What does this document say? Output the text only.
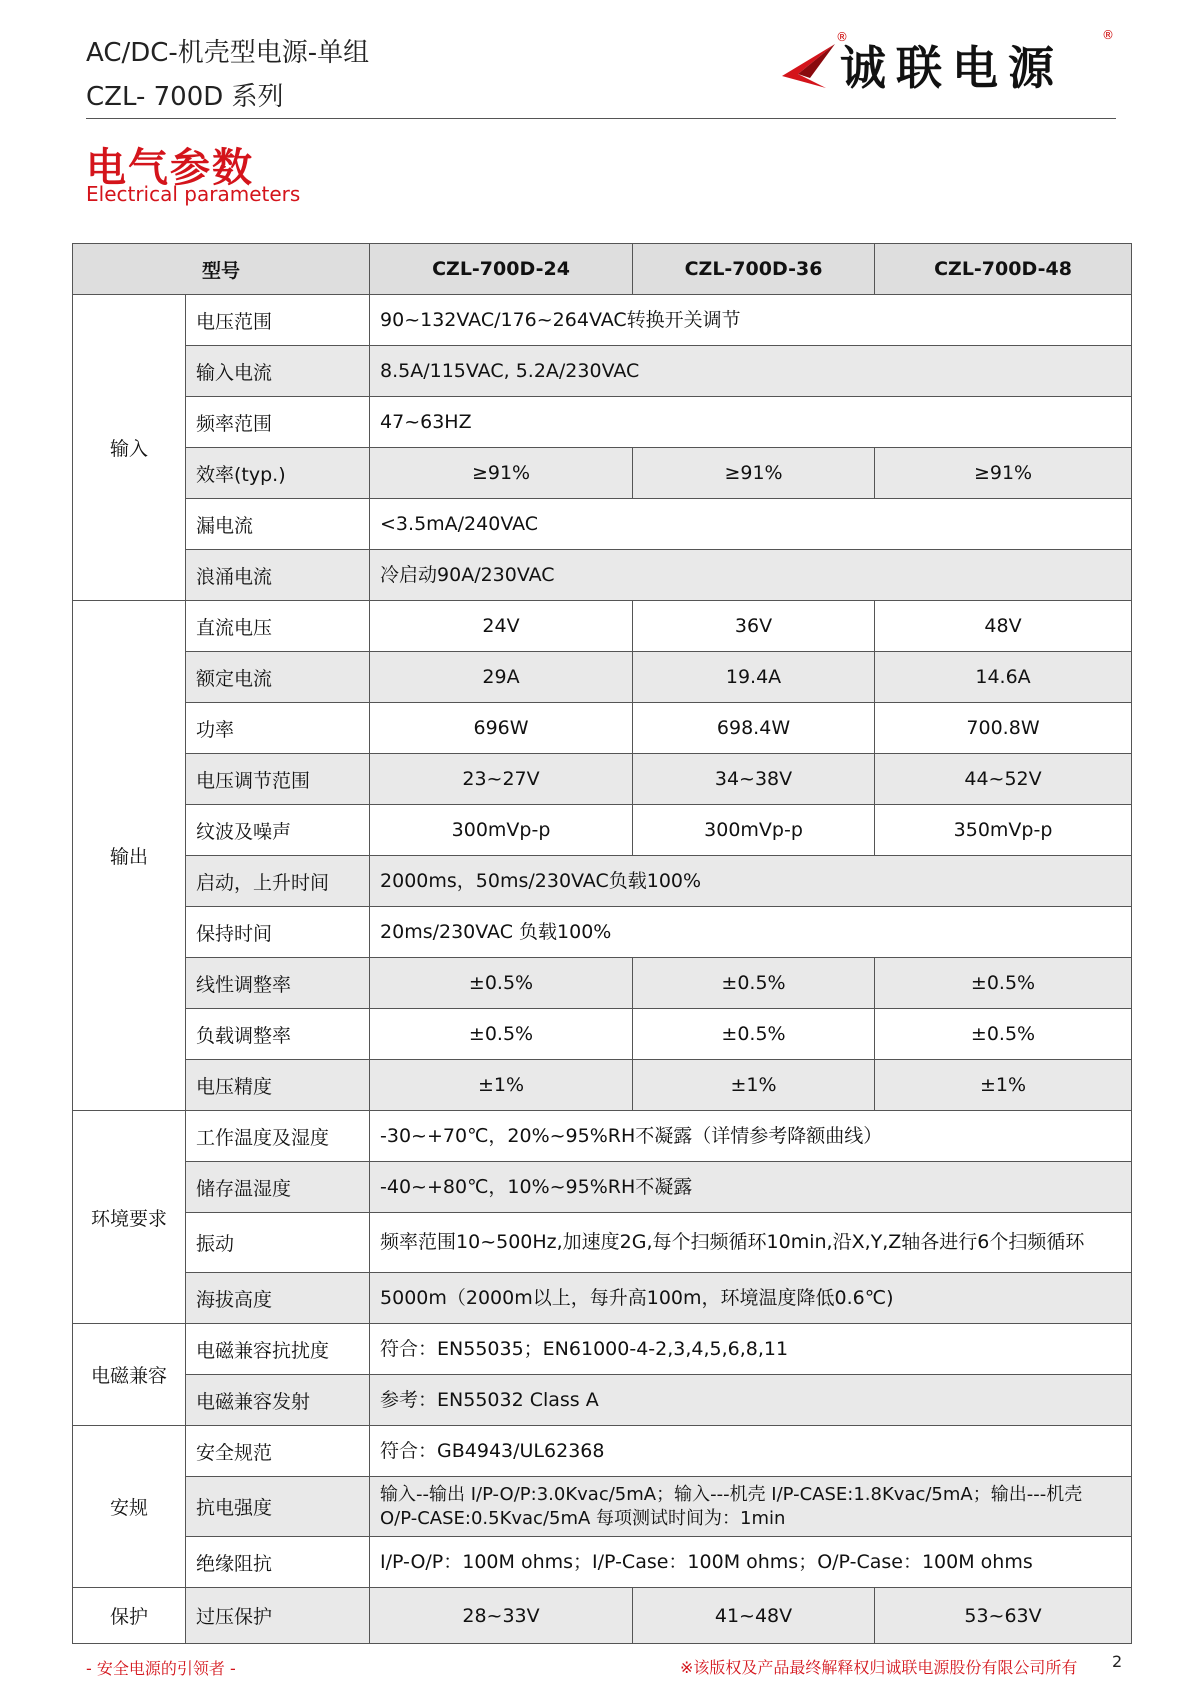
AC/DC-机壳型电源-单组
CZL- 700D 系列
®
诚联电源
®
电气参数
Electrical parameters
型号		CZL-700D-24	CZL-700D-36	CZL-700D-48
输入	电压范围	90~132VAC/176~264VAC转换开关调节		
	输入电流	8.5A/115VAC, 5.2A/230VAC		
	频率范围	47~63HZ		
	效率(typ.)	≥91%	≥91%	≥91%
	漏电流	<3.5mA/240VAC		
	浪涌电流	冷启动90A/230VAC		
输出	直流电压	24V	36V	48V
	额定电流	29A	19.4A	14.6A
	功率	696W	698.4W	700.8W
	电压调节范围	23~27V	34~38V	44~52V
	纹波及噪声	300mVp-p	300mVp-p	350mVp-p
	启动，上升时间	2000ms，50ms/230VAC负载100%		
	保持时间	20ms/230VAC 负载100%		
	线性调整率	±0.5%	±0.5%	±0.5%
	负载调整率	±0.5%	±0.5%	±0.5%
	电压精度	±1%	±1%	±1%
环境要求	工作温度及湿度	-30~+70℃，20%~95%RH不凝露（详情参考降额曲线）		
	储存温湿度	-40~+80℃，10%~95%RH不凝露		
	振动	频率范围10~500Hz,加速度2G,每个扫频循环10min,沿X,Y,Z轴各进行6个扫频循环		
	海拔高度	5000m（2000m以上，每升高100m，环境温度降低0.6℃)		
电磁兼容	电磁兼容抗扰度	符合：EN55035；EN61000-4-2,3,4,5,6,8,11		
	电磁兼容发射	参考：EN55032 Class A		
安规	安全规范	符合：GB4943/UL62368		
	抗电强度	输入--输出 I/P-O/P:3.0Kvac/5mA；输入---机壳 I/P-CASE:1.8Kvac/5mA；输出---机壳 O/P-CASE:0.5Kvac/5mA 每项测试时间为：1min		
	绝缘阻抗	I/P-O/P：100M ohms；I/P-Case：100M ohms；O/P-Case：100M ohms		
保护	过压保护	28~33V	41~48V	53~63V
- 安全电源的引领者 -	※该版权及产品最终解释权归诚联电源股份有限公司所有 2
